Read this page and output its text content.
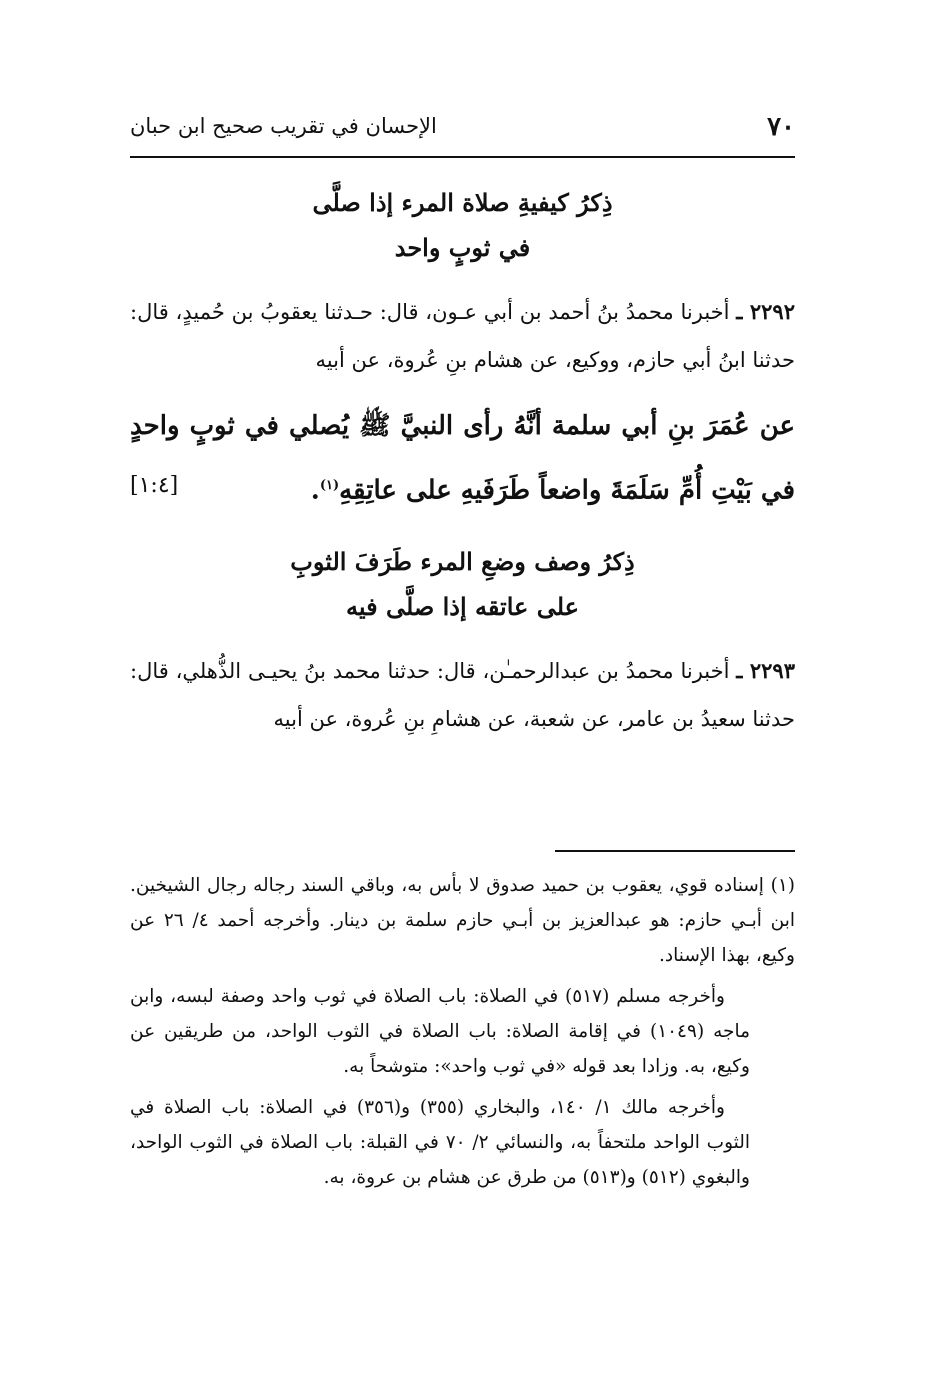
٧٠
الإحسان في تقريب صحيح ابن حبان

ذِكرُ كيفيةِ صلاة المرء إذا صلَّى

في ثوبٍ واحد

٢٢٩٢ ـ أخبرنا محمدُ بنُ أحمد بن أبي عـون، قال: حـدثنا يعقوبُ بن حُميدٍ، قال: حدثنا ابنُ أبي حازم، ووكيع، عن هشام بنِ عُروة، عن أبيه

عن عُمَرَ بنِ أبي سلمة أنَّهُ رأى النبيَّ ﷺ يُصلي في ثوبٍ واحدٍ في بَيْتِ أُمِّ سَلَمَةَ واضعاً طَرَفَيهِ على عاتِقِهِ$^{(١)}$.
[١:٤]

ذِكرُ وصف وضعِ المرء طَرَفَ الثوبِ

على عاتقه إذا صلَّى فيه

٢٢٩٣ ـ أخبرنا محمدُ بن عبدالرحمـٰن، قال: حدثنا محمد بنُ يحيـى الذُّهلي، قال: حدثنا سعيدُ بن عامر، عن شعبة، عن هشامِ بنِ عُروة، عن أبيه

(١) إسناده قوي، يعقوب بن حميد صدوق لا بأس به، وباقي السند رجاله رجال الشيخين. ابن أبـي حازم: هو عبدالعزيز بن أبـي حازم سلمة بن دينار. وأخرجه أحمد ٤/ ٢٦ عن وكيع، بهذا الإسناد.

وأخرجه مسلم (٥١٧) في الصلاة: باب الصلاة في ثوب واحد وصفة لبسه، وابن ماجه (١٠٤٩) في إقامة الصلاة: باب الصلاة في الثوب الواحد، من طريقين عن وكيع، به. وزادا بعد قوله «في ثوب واحد»: متوشحاً به.

وأخرجه مالك ١/ ١٤٠، والبخاري (٣٥٥) و(٣٥٦) في الصلاة: باب الصلاة في الثوب الواحد ملتحفاً به، والنسائي ٢/ ٧٠ في القبلة: باب الصلاة في الثوب الواحد، والبغوي (٥١٢) و(٥١٣) من طرق عن هشام بن عروة، به.
